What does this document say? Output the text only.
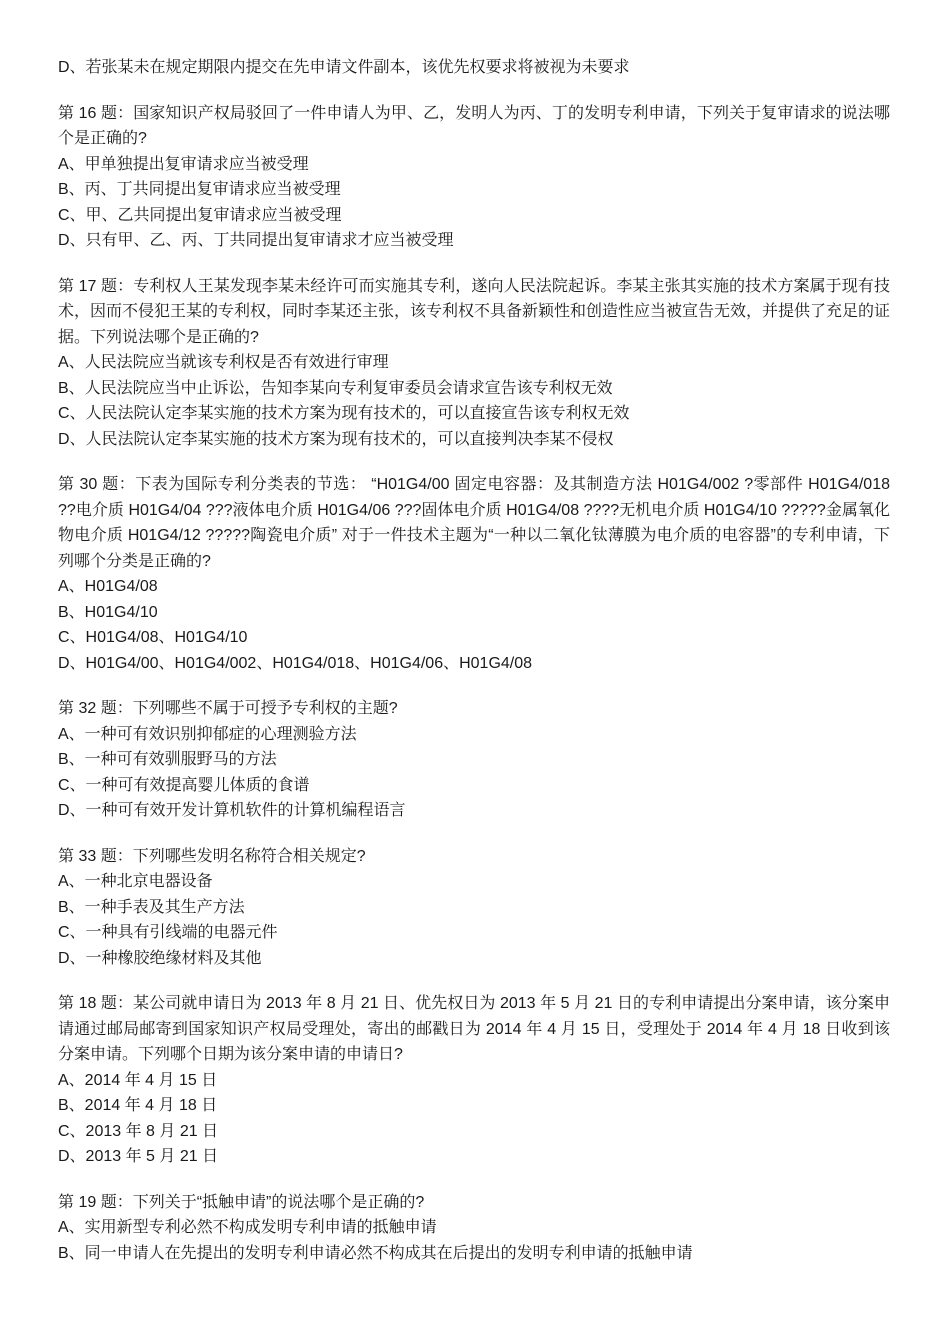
D、若张某未在规定期限内提交在先申请文件副本，该优先权要求将被视为未要求

第 16 题：国家知识产权局驳回了一件申请人为甲、乙，发明人为丙、丁的发明专利申请，下列关于复审请求的说法哪个是正确的?

A、甲单独提出复审请求应当被受理

B、丙、丁共同提出复审请求应当被受理

C、甲、乙共同提出复审请求应当被受理

D、只有甲、乙、丙、丁共同提出复审请求才应当被受理

第 17 题：专利权人王某发现李某未经许可而实施其专利，遂向人民法院起诉。李某主张其实施的技术方案属于现有技术，因而不侵犯王某的专利权，同时李某还主张，该专利权不具备新颖性和创造性应当被宣告无效，并提供了充足的证据。下列说法哪个是正确的?

A、人民法院应当就该专利权是否有效进行审理

B、人民法院应当中止诉讼，告知李某向专利复审委员会请求宣告该专利权无效

C、人民法院认定李某实施的技术方案为现有技术的，可以直接宣告该专利权无效

D、人民法院认定李某实施的技术方案为现有技术的，可以直接判决李某不侵权

第 30 题：下表为国际专利分类表的节选： “H01G4/00 固定电容器：及其制造方法 H01G4/002 ?零部件 H01G4/018 ??电介质 H01G4/04 ???液体电介质 H01G4/06 ???固体电介质 H01G4/08 ????无机电介质 H01G4/10 ?????金属氧化物电介质 H01G4/12 ?????陶瓷电介质” 对于一件技术主题为“一种以二氧化钛薄膜为电介质的电容器”的专利申请，下列哪个分类是正确的?

A、H01G4/08

B、H01G4/10

C、H01G4/08、H01G4/10

D、H01G4/00、H01G4/002、H01G4/018、H01G4/06、H01G4/08

第 32 题：下列哪些不属于可授予专利权的主题?

A、一种可有效识别抑郁症的心理测验方法

B、一种可有效驯服野马的方法

C、一种可有效提高婴儿体质的食谱

D、一种可有效开发计算机软件的计算机编程语言

第 33 题：下列哪些发明名称符合相关规定?

A、一种北京电器设备

B、一种手表及其生产方法

C、一种具有引线端的电器元件

D、一种橡胶绝缘材料及其他

第 18 题：某公司就申请日为 2013 年 8 月 21 日、优先权日为 2013 年 5 月 21 日的专利申请提出分案申请，该分案申请通过邮局邮寄到国家知识产权局受理处，寄出的邮戳日为 2014 年 4 月 15 日，受理处于 2014 年 4 月 18 日收到该分案申请。下列哪个日期为该分案申请的申请日?

A、2014 年 4 月 15 日

B、2014 年 4 月 18 日

C、2013 年 8 月 21 日

D、2013 年 5 月 21 日

第 19 题：下列关于“抵触申请”的说法哪个是正确的?

A、实用新型专利必然不构成发明专利申请的抵触申请

B、同一申请人在先提出的发明专利申请必然不构成其在后提出的发明专利申请的抵触申请
